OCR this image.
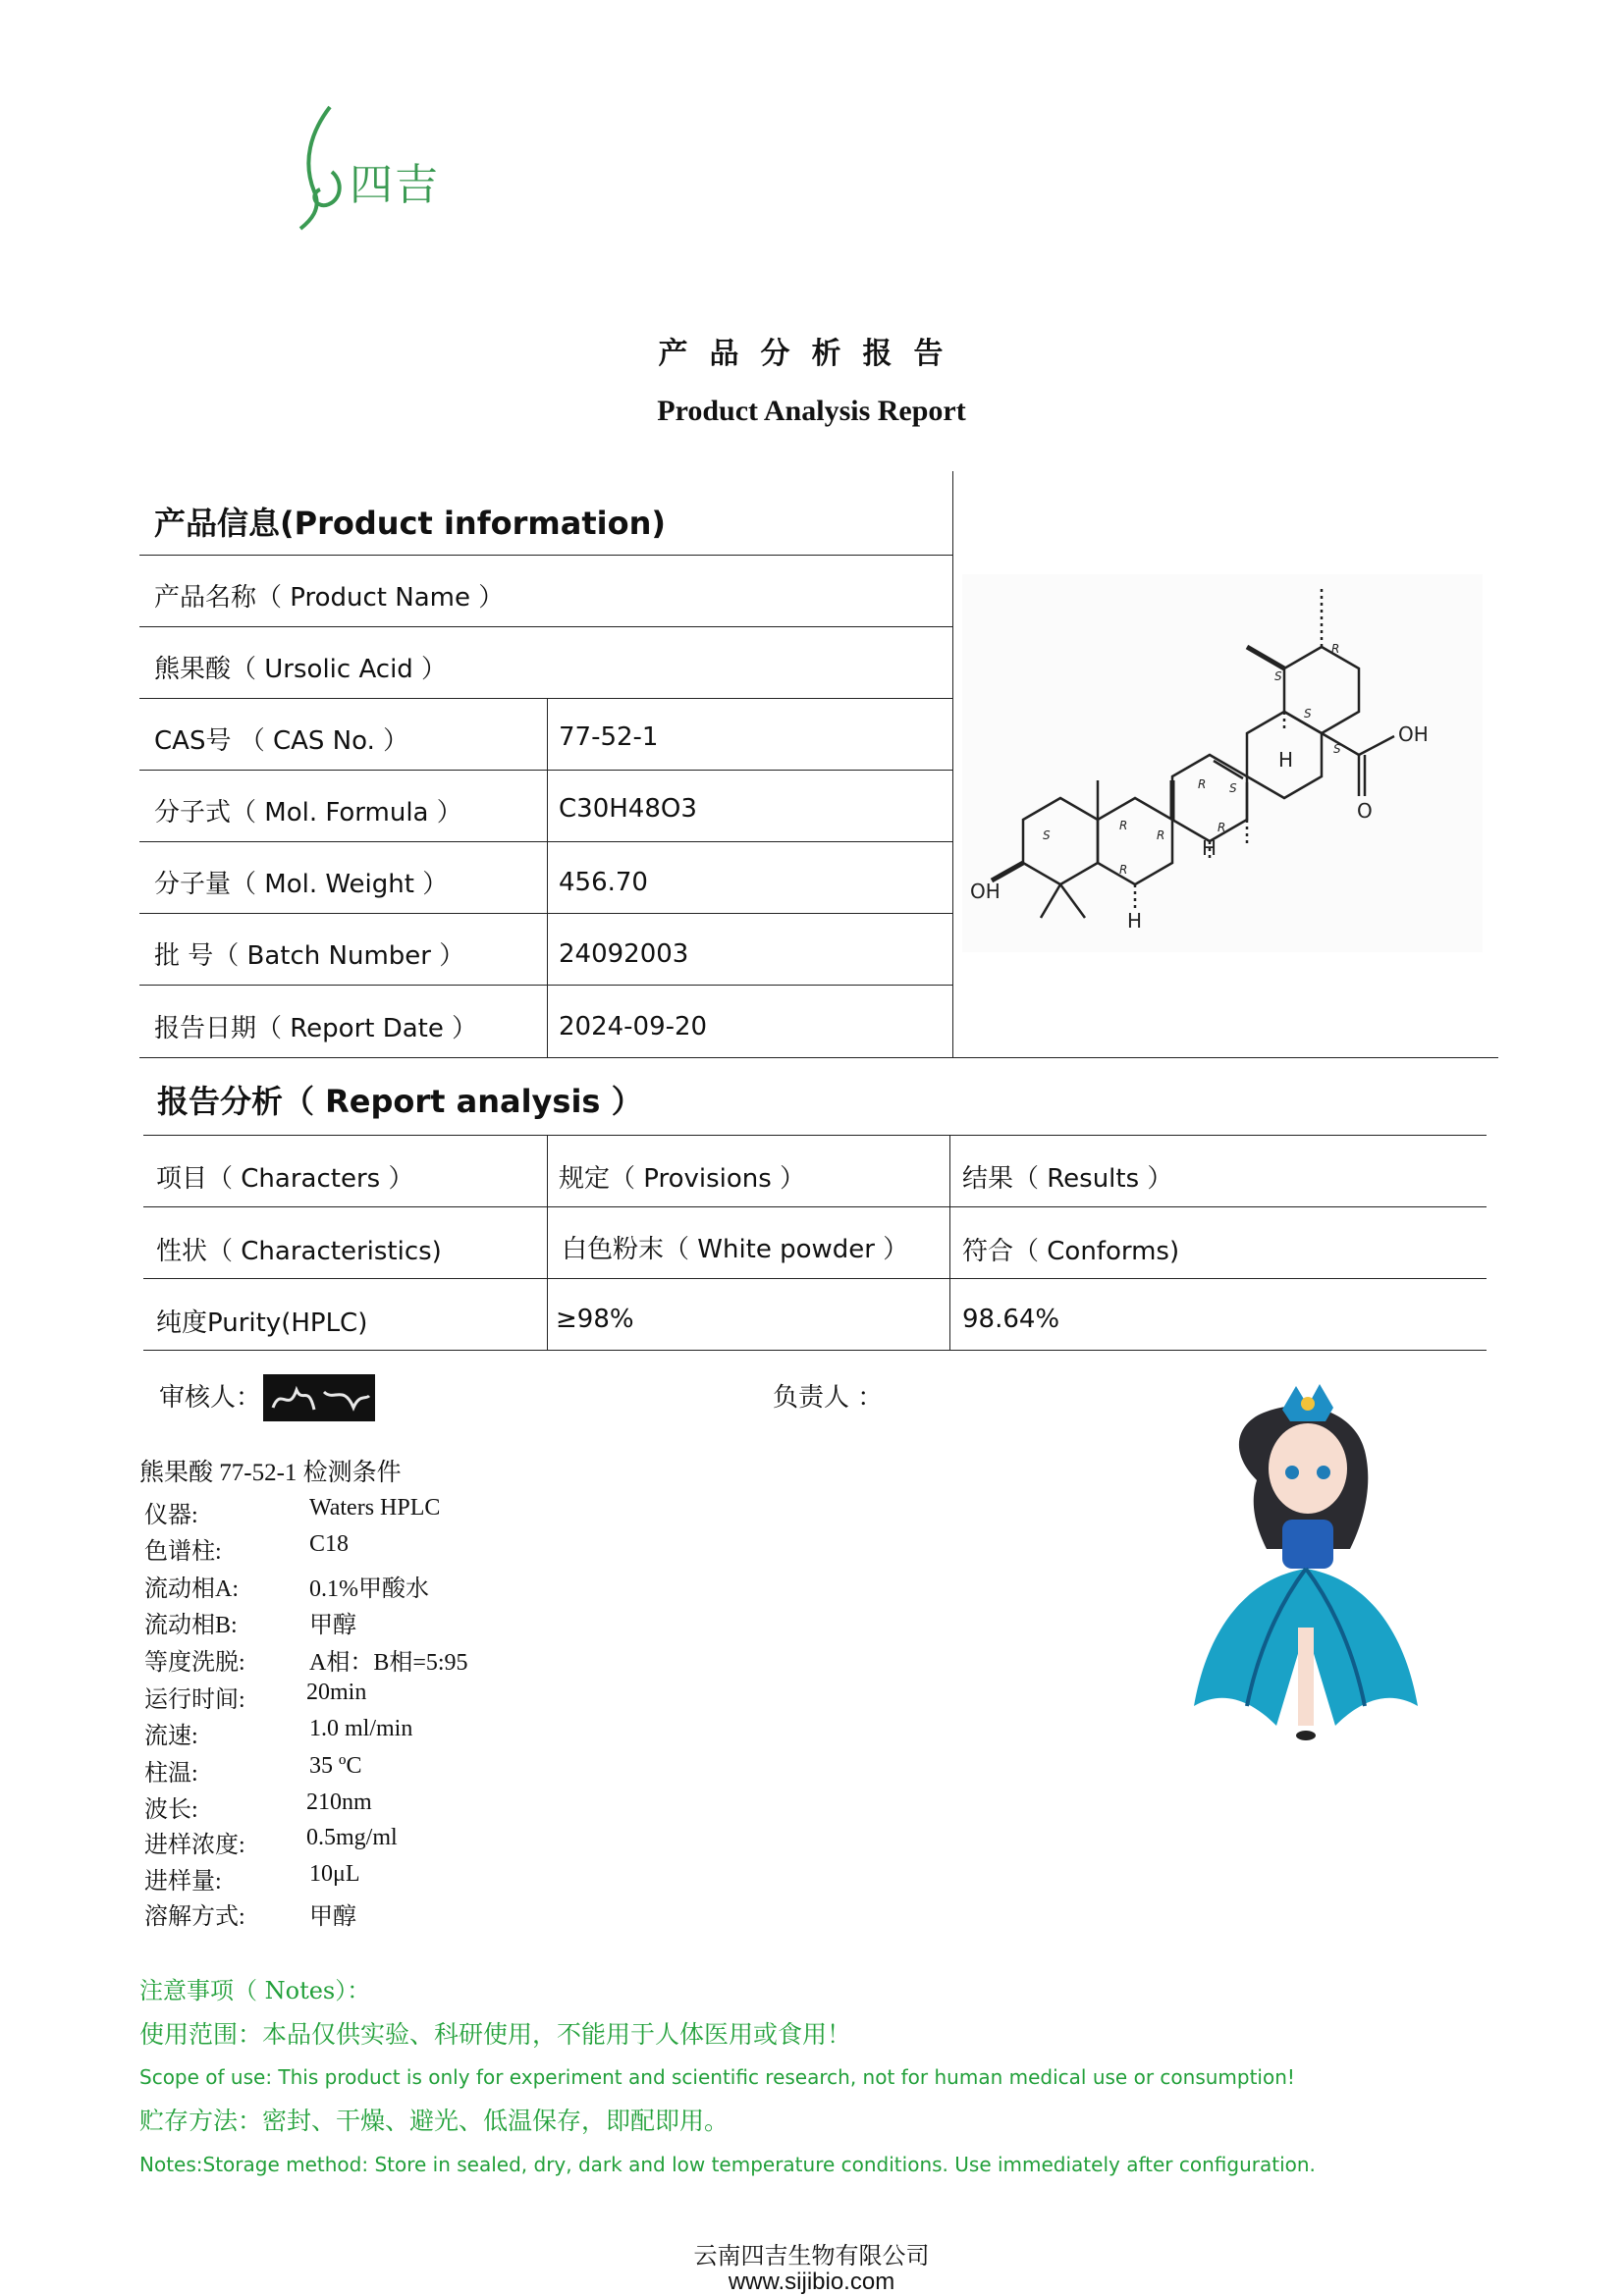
四吉
产品分析报告
Product Analysis Report
产品信息(Product information)
产品名称（ Product Name ）
熊果酸（ Ursolic Acid ）
CAS号 （ CAS No. ）	77-52-1
分子式（ Mol. Formula ）	C30H48O3
分子量（ Mol. Weight ）	456.70
批 号（ Batch Number ）	24092003
报告日期（ Report Date ）	2024-09-20
OH
OH
O
H
H
H
S
R
R
R S
R
S
S
S
R
R
报告分析（ Report analysis ）
项目（ Characters ）	规定（ Provisions ）	结果（ Results ）
性状（ Characteristics)	白色粉末（ White powder ） 符合（ Conforms)
纯度Purity(HPLC)	≥98%	98.64%
审核人：	负责人 ：
熊果酸 77-52-1 检测条件
仪器:	Waters HPLC
色谱柱:	C18
流动相A:	0.1%甲酸水
流动相B:	甲醇
等度洗脱:	A相：B相=5:95
运行时间:	20min
流速:	1.0 ml/min
柱温:	35 ºC
波长:	210nm
进样浓度:	0.5mg/ml
进样量:	10μL
溶解方式:	甲醇
注意事项（ Notes）：
使用范围：本品仅供实验、科研使用，不能用于人体医用或食用！
Scope of use: This product is only for experiment and scientific research, not for human medical use or consumption!
贮存方法：密封、干燥、避光、低温保存，即配即用。
Notes:Storage method: Store in sealed, dry, dark and low temperature conditions. Use immediately after configuration.
云南四吉生物有限公司
www.sijibio.com
